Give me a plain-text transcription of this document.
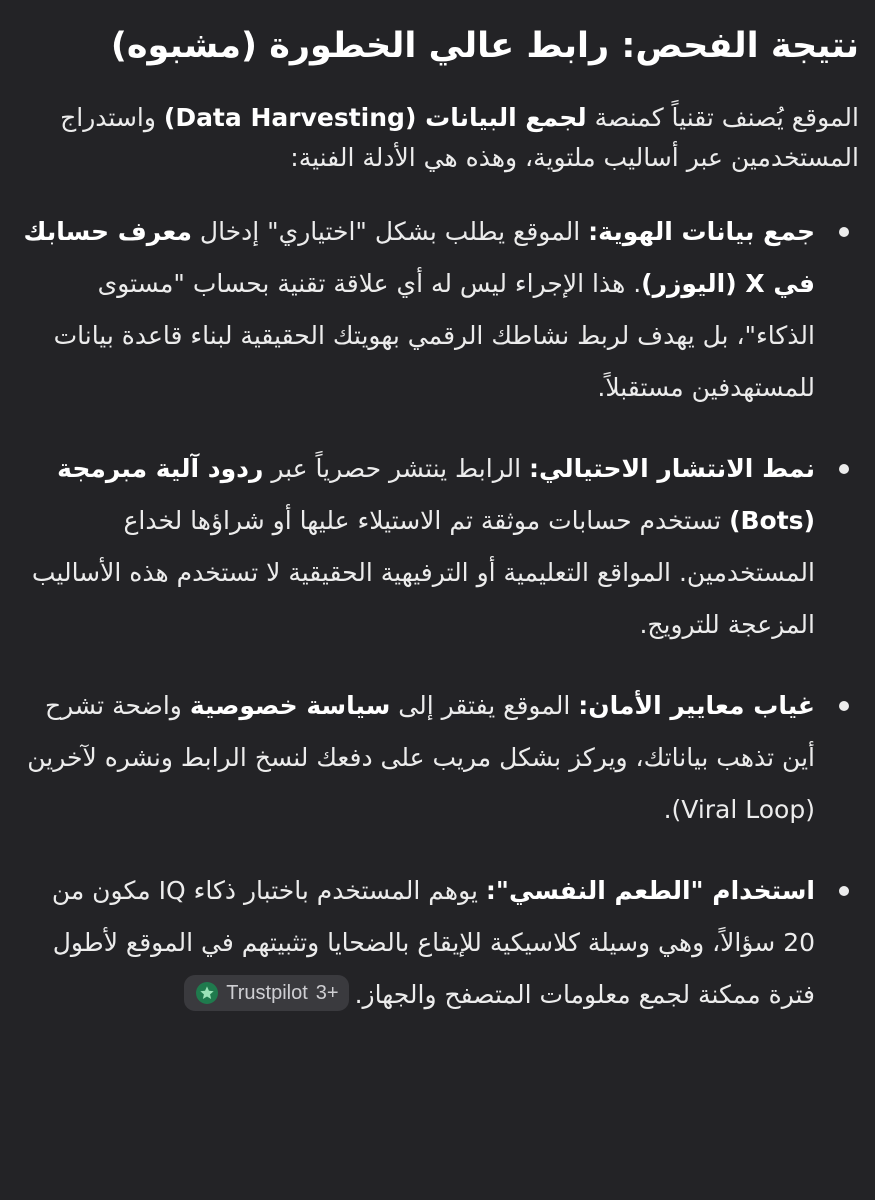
نتيجة الفحص: رابط عالي الخطورة (مشبوه)

الموقع يُصنف تقنياً كمنصة لجمع البيانات (Data Harvesting) واستدراج المستخدمين عبر أساليب ملتوية، وهذه هي الأدلة الفنية:

جمع بيانات الهوية: الموقع يطلب بشكل "اختياري" إدخال معرف حسابك في X (اليوزر). هذا الإجراء ليس له أي علاقة تقنية بحساب "مستوى الذكاء"، بل يهدف لربط نشاطك الرقمي بهويتك الحقيقية لبناء قاعدة بيانات للمستهدفين مستقبلاً.
نمط الانتشار الاحتيالي: الرابط ينتشر حصرياً عبر ردود آلية مبرمجة (Bots) تستخدم حسابات موثقة تم الاستيلاء عليها أو شراؤها لخداع المستخدمين. المواقع التعليمية أو الترفيهية الحقيقية لا تستخدم هذه الأساليب المزعجة للترويج.
غياب معايير الأمان: الموقع يفتقر إلى سياسة خصوصية واضحة تشرح أين تذهب بياناتك، ويركز بشكل مريب على دفعك لنسخ الرابط ونشره لآخرين (Viral Loop).
استخدام "الطعم النفسي": يوهم المستخدم باختبار ذكاء IQ مكون من 20 سؤالاً، وهي وسيلة كلاسيكية للإيقاع بالضحايا وتثبيتهم في الموقع لأطول فترة ممكنة لجمع معلومات المتصفح والجهاز.
Trustpilot 3+
